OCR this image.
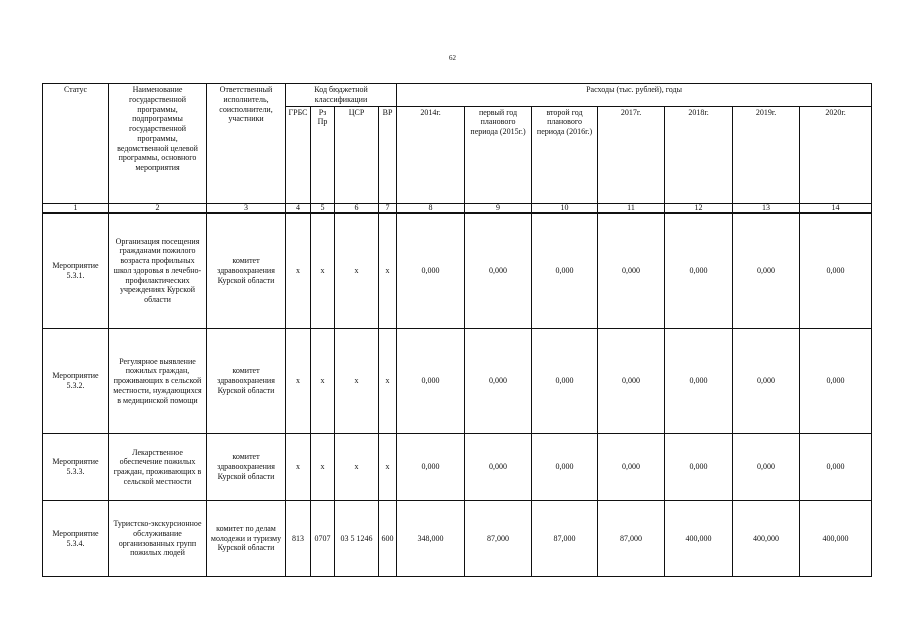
62
Статус	Наименование государственной программы, подпрограммы государственной программы, ведомственной целевой программы, основного мероприятия	Ответственный исполнитель, соисполнители, участники	Код бюджетной классификации				Расходы (тыс. рублей), годы						
			ГРБС	Рз Пр	ЦСР	ВР	2014г.	первый год планового периода (2015г.)	второй год планового периода (2016г.)	2017г.	2018г.	2019г.	2020г.
1	2	3	4	5	6	7	8	9	10	11	12	13	14
Мероприятие 5.3.1.	Организация посещения гражданами пожилого возраста профильных школ здоровья в лечебно-профилактических учреждениях Курской области	комитет здравоохранения Курской области	х	х	х	х	0,000	0,000	0,000	0,000	0,000	0,000	0,000
Мероприятие 5.3.2.	Регулярное выявление пожилых граждан, проживающих в сельской местности, нуждающихся в медицинской помощи	комитет здравоохранения Курской области	х	х	х	х	0,000	0,000	0,000	0,000	0,000	0,000	0,000
Мероприятие 5.3.3.	Лекарственное обеспечение пожилых граждан, проживающих в сельской местности	комитет здравоохранения Курской области	х	х	х	х	0,000	0,000	0,000	0,000	0,000	0,000	0,000
Мероприятие 5.3.4.	Туристско-экскурсионное обслуживание организованных групп пожилых людей	комитет по делам молодежи и туризму Курской области	813	0707	03 5 1246	600	348,000	87,000	87,000	87,000	400,000	400,000	400,000
